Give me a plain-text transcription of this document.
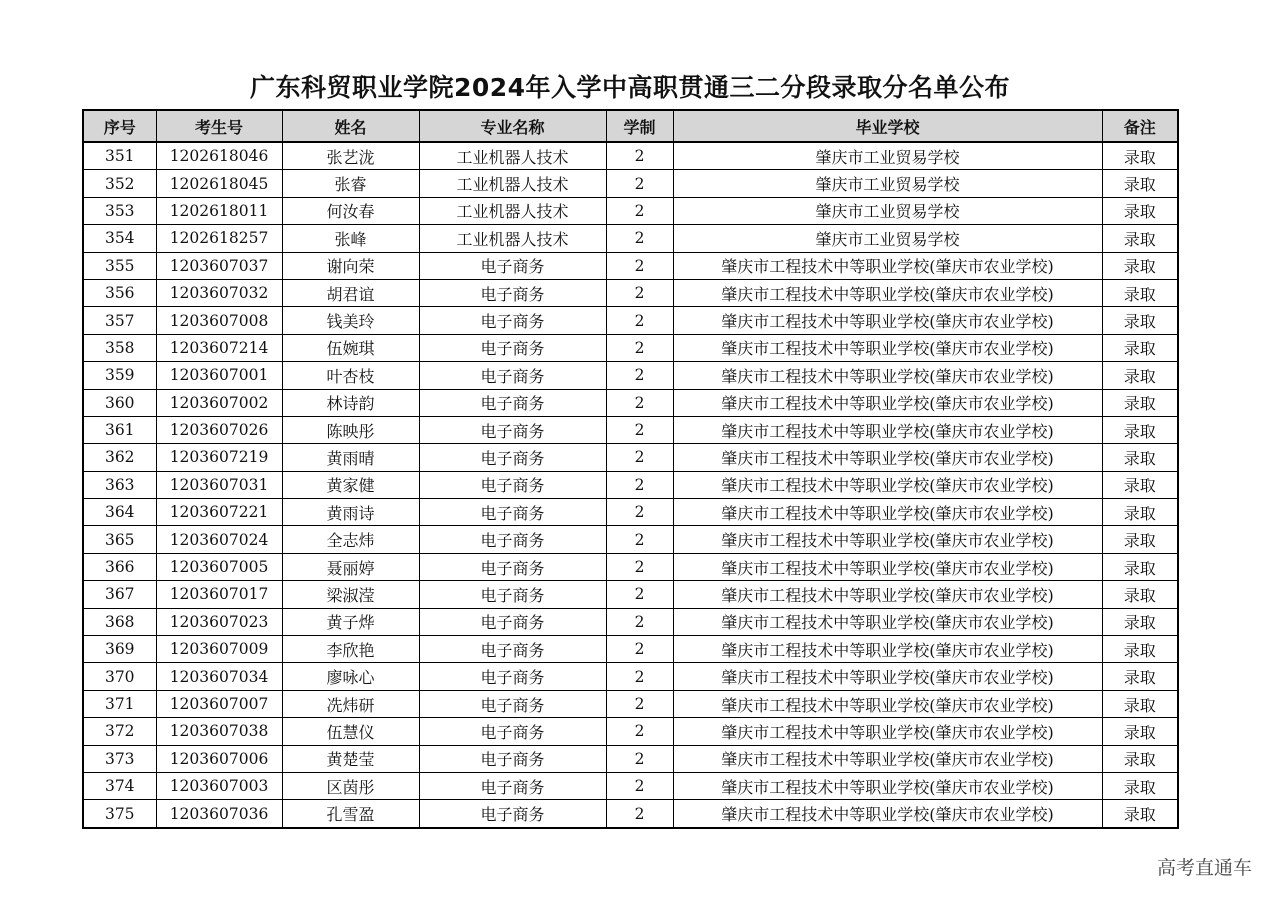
广东科贸职业学院2024年入学中高职贯通三二分段录取分名单公布
序号	考生号	姓名	专业名称	学制	毕业学校	备注
351	1202618046	张艺泷	工业机器人技术	2	肇庆市工业贸易学校	录取
352	1202618045	张睿	工业机器人技术	2	肇庆市工业贸易学校	录取
353	1202618011	何汝春	工业机器人技术	2	肇庆市工业贸易学校	录取
354	1202618257	张峰	工业机器人技术	2	肇庆市工业贸易学校	录取
355	1203607037	谢向荣	电子商务	2	肇庆市工程技术中等职业学校(肇庆市农业学校)	录取
356	1203607032	胡君谊	电子商务	2	肇庆市工程技术中等职业学校(肇庆市农业学校)	录取
357	1203607008	钱美玲	电子商务	2	肇庆市工程技术中等职业学校(肇庆市农业学校)	录取
358	1203607214	伍婉琪	电子商务	2	肇庆市工程技术中等职业学校(肇庆市农业学校)	录取
359	1203607001	叶杏枝	电子商务	2	肇庆市工程技术中等职业学校(肇庆市农业学校)	录取
360	1203607002	林诗韵	电子商务	2	肇庆市工程技术中等职业学校(肇庆市农业学校)	录取
361	1203607026	陈映彤	电子商务	2	肇庆市工程技术中等职业学校(肇庆市农业学校)	录取
362	1203607219	黄雨晴	电子商务	2	肇庆市工程技术中等职业学校(肇庆市农业学校)	录取
363	1203607031	黄家健	电子商务	2	肇庆市工程技术中等职业学校(肇庆市农业学校)	录取
364	1203607221	黄雨诗	电子商务	2	肇庆市工程技术中等职业学校(肇庆市农业学校)	录取
365	1203607024	全志炜	电子商务	2	肇庆市工程技术中等职业学校(肇庆市农业学校)	录取
366	1203607005	聂丽婷	电子商务	2	肇庆市工程技术中等职业学校(肇庆市农业学校)	录取
367	1203607017	梁淑滢	电子商务	2	肇庆市工程技术中等职业学校(肇庆市农业学校)	录取
368	1203607023	黄子烨	电子商务	2	肇庆市工程技术中等职业学校(肇庆市农业学校)	录取
369	1203607009	李欣艳	电子商务	2	肇庆市工程技术中等职业学校(肇庆市农业学校)	录取
370	1203607034	廖咏心	电子商务	2	肇庆市工程技术中等职业学校(肇庆市农业学校)	录取
371	1203607007	冼炜研	电子商务	2	肇庆市工程技术中等职业学校(肇庆市农业学校)	录取
372	1203607038	伍慧仪	电子商务	2	肇庆市工程技术中等职业学校(肇庆市农业学校)	录取
373	1203607006	黄楚莹	电子商务	2	肇庆市工程技术中等职业学校(肇庆市农业学校)	录取
374	1203607003	区茵彤	电子商务	2	肇庆市工程技术中等职业学校(肇庆市农业学校)	录取
375	1203607036	孔雪盈	电子商务	2	肇庆市工程技术中等职业学校(肇庆市农业学校)	录取
高考直通车
